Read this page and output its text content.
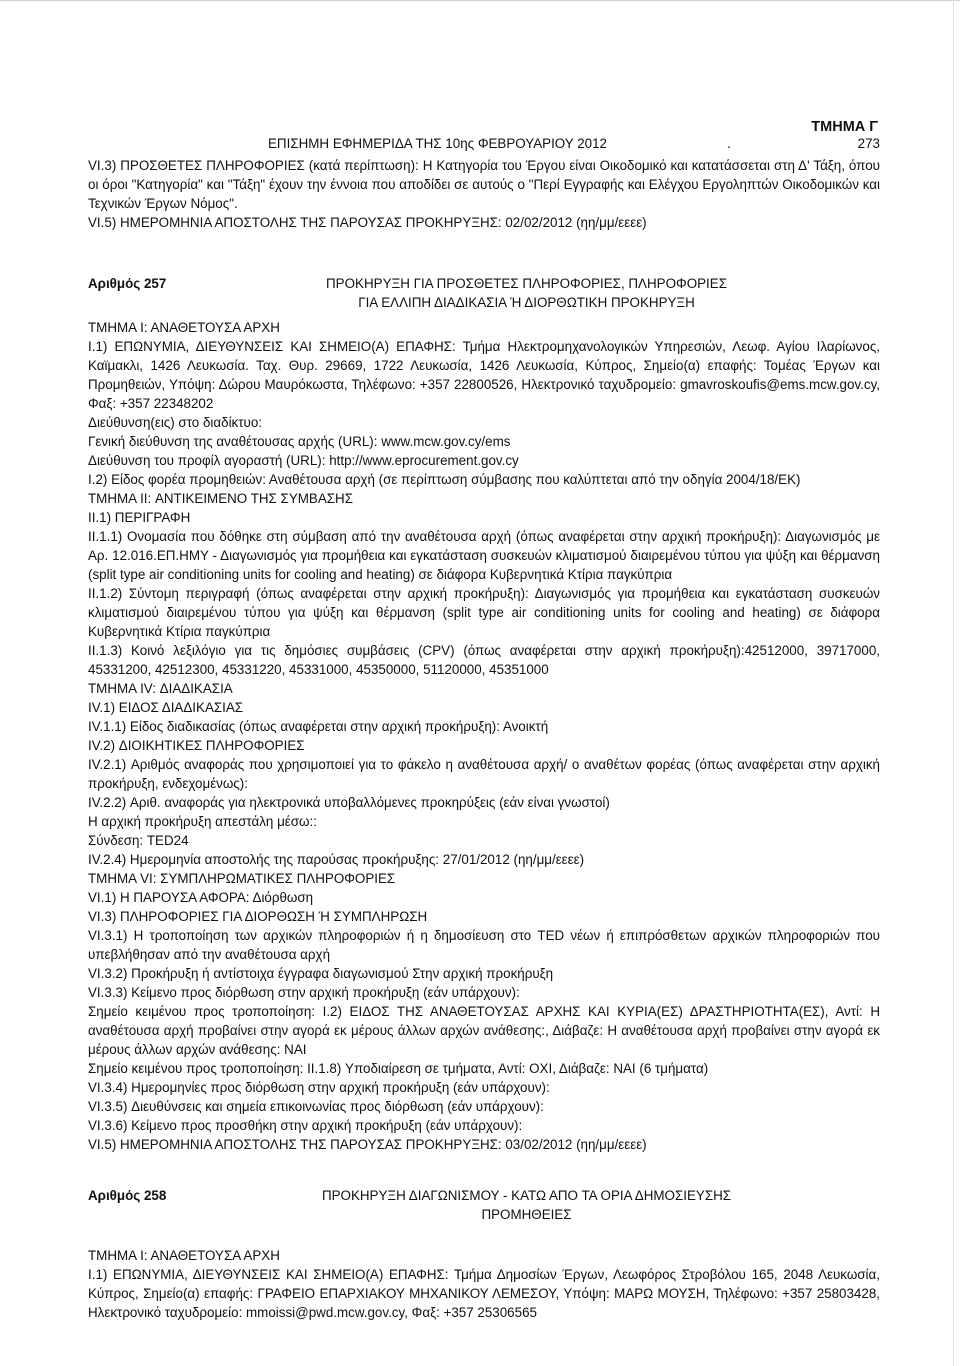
ΤΜΗΜΑ Γ
ΕΠΙΣΗΜΗ ΕΦΗΜΕΡΙΔΑ ΤΗΣ 10ης ΦΕΒΡΟΥΑΡΙΟΥ 2012	.	273

VI.3) ΠΡΟΣΘΕΤΕΣ ΠΛΗΡΟΦΟΡΙΕΣ (κατά περίπτωση): Η Κατηγορία του Έργου είναι Οικοδομικό και κατατάσσεται στη Δ' Τάξη, όπου οι όροι "Κατηγορία" και "Τάξη" έχουν την έννοια που αποδίδει σε αυτούς ο "Περί Εγγραφής και Ελέγχου Εργοληπτών Οικοδομικών και Τεχνικών Έργων Νόμος".

VI.5) ΗΜΕΡΟΜΗΝΙΑ ΑΠΟΣΤΟΛΗΣ ΤΗΣ ΠΑΡΟΥΣΑΣ ΠΡΟΚΗΡΥΞΗΣ: 02/02/2012 (ηη/μμ/εεεε)

Αριθμός 257	ΠΡΟΚΗΡΥΞΗ ΓΙΑ ΠΡΟΣΘΕΤΕΣ ΠΛΗΡΟΦΟΡΙΕΣ, ΠΛΗΡΟΦΟΡΙΕΣ
ΓΙΑ ΕΛΛΙΠΗ ΔΙΑΔΙΚΑΣΙΑ Ή ΔΙΟΡΘΩΤΙΚΗ ΠΡΟΚΗΡΥΞΗ

ΤΜΗΜΑ Ι: ΑΝΑΘΕΤΟΥΣΑ ΑΡΧΗ

I.1) ΕΠΩΝΥΜΙΑ, ΔΙΕΥΘΥΝΣΕΙΣ ΚΑΙ ΣΗΜΕΙΟ(Α) ΕΠΑΦΗΣ: Τμήμα Ηλεκτρομηχανολογικών Υπηρεσιών, Λεωφ. Αγίου Ιλαρίωνος, Καϊμακλι, 1426 Λευκωσία. Ταχ. Θυρ. 29669, 1722 Λευκωσία, 1426 Λευκωσία, Κύπρος, Σημείο(α) επαφής: Τομέας Έργων και Προμηθειών, Υπόψη: Δώρου Μαυρόκωστα, Τηλέφωνο: +357 22800526, Ηλεκτρονικό ταχυδρομείο: gmavroskoufis@ems.mcw.gov.cy, Φαξ: +357 22348202

Διεύθυνση(εις) στο διαδίκτυο:

Γενική διεύθυνση της αναθέτουσας αρχής (URL): www.mcw.gov.cy/ems

Διεύθυνση του προφίλ αγοραστή (URL): http://www.eprocurement.gov.cy

I.2) Είδος φορέα προμηθειών: Αναθέτουσα αρχή (σε περίπτωση σύμβασης που καλύπτεται από την οδηγία 2004/18/ΕΚ)

ΤΜΗΜΑ II: ΑΝΤΙΚΕΙΜΕΝΟ ΤΗΣ ΣΥΜΒΑΣΗΣ

II.1) ΠΕΡΙΓΡΑΦΗ

II.1.1) Ονομασία που δόθηκε στη σύμβαση από την αναθέτουσα αρχή (όπως αναφέρεται στην αρχική προκήρυξη): Διαγωνισμός με Αρ. 12.016.ΕΠ.ΗΜΥ - Διαγωνισμός για προμήθεια και εγκατάσταση συσκευών κλιματισμού διαιρεμένου τύπου για ψύξη και θέρμανση (split type air conditioning units for cooling and heating) σε διάφορα Κυβερνητικά Κτίρια παγκύπρια

II.1.2) Σύντομη περιγραφή (όπως αναφέρεται στην αρχική προκήρυξη): Διαγωνισμός για προμήθεια και εγκατάσταση συσκευών κλιματισμού διαιρεμένου τύπου για ψύξη και θέρμανση (split type air conditioning units for cooling and heating) σε διάφορα Κυβερνητικά Κτίρια παγκύπρια

II.1.3) Κοινό λεξιλόγιο για τις δημόσιες συμβάσεις (CPV) (όπως αναφέρεται στην αρχική προκήρυξη):42512000, 39717000, 45331200, 42512300, 45331220, 45331000, 45350000, 51120000, 45351000

ΤΜΗΜΑ IV: ΔΙΑΔΙΚΑΣΙΑ

IV.1) ΕΙΔΟΣ ΔΙΑΔΙΚΑΣΙΑΣ

IV.1.1) Είδος διαδικασίας (όπως αναφέρεται στην αρχική προκήρυξη): Ανοικτή

IV.2) ΔΙΟΙΚΗΤΙΚΕΣ ΠΛΗΡΟΦΟΡΙΕΣ

IV.2.1) Αριθμός αναφοράς που χρησιμοποιεί για το φάκελο η αναθέτουσα αρχή/ ο αναθέτων φορέας (όπως αναφέρεται στην αρχική προκήρυξη, ενδεχομένως):

IV.2.2) Αριθ. αναφοράς για ηλεκτρονικά υποβαλλόμενες προκηρύξεις (εάν είναι γνωστοί)

Η αρχική προκήρυξη απεστάλη μέσω::

Σύνδεση: TED24

IV.2.4) Ημερομηνία αποστολής της παρούσας προκήρυξης: 27/01/2012 (ηη/μμ/εεεε)

ΤΜΗΜΑ VI: ΣΥΜΠΛΗΡΩΜΑΤΙΚΕΣ ΠΛΗΡΟΦΟΡΙΕΣ

VI.1) Η ΠΑΡΟΥΣΑ ΑΦΟΡΑ: Διόρθωση

VI.3) ΠΛΗΡΟΦΟΡΙΕΣ ΓΙΑ ΔΙΟΡΘΩΣΗ Ή ΣΥΜΠΛΗΡΩΣΗ

VI.3.1) Η τροποποίηση των αρχικών πληροφοριών ή η δημοσίευση στο TED νέων ή επιπρόσθετων αρχικών πληροφοριών που υπεβλήθησαν από την αναθέτουσα αρχή

VI.3.2) Προκήρυξη ή αντίστοιχα έγγραφα διαγωνισμού Στην αρχική προκήρυξη

VI.3.3) Κείμενο προς διόρθωση στην αρχική προκήρυξη (εάν υπάρχουν):

Σημείο κειμένου προς τροποποίηση: I.2) ΕΙΔΟΣ ΤΗΣ ΑΝΑΘΕΤΟΥΣΑΣ ΑΡΧΗΣ ΚΑΙ ΚΥΡΙΑ(ΕΣ) ΔΡΑΣΤΗΡΙΟΤΗΤΑ(ΕΣ), Αντί: Η αναθέτουσα αρχή προβαίνει στην αγορά εκ μέρους άλλων αρχών ανάθεσης:, Διάβαζε: Η αναθέτουσα αρχή προβαίνει στην αγορά εκ μέρους άλλων αρχών ανάθεσης: ΝΑΙ

Σημείο κειμένου προς τροποποίηση: II.1.8) Υποδιαίρεση σε τμήματα, Αντί: ΟΧΙ, Διάβαζε: ΝΑΙ (6 τμήματα)

VI.3.4) Ημερομηνίες προς διόρθωση στην αρχική προκήρυξη (εάν υπάρχουν):

VI.3.5) Διευθύνσεις και σημεία επικοινωνίας προς διόρθωση (εάν υπάρχουν):

VI.3.6) Κείμενο προς προσθήκη στην αρχική προκήρυξη (εάν υπάρχουν):

VI.5) ΗΜΕΡΟΜΗΝΙΑ ΑΠΟΣΤΟΛΗΣ ΤΗΣ ΠΑΡΟΥΣΑΣ ΠΡΟΚΗΡΥΞΗΣ: 03/02/2012 (ηη/μμ/εεεε)

Αριθμός 258	ΠΡΟΚΗΡΥΞΗ ΔΙΑΓΩΝΙΣΜΟΥ - ΚΑΤΩ ΑΠΟ ΤΑ ΟΡΙΑ ΔΗΜΟΣΙΕΥΣΗΣ
ΠΡΟΜΗΘΕΙΕΣ

ΤΜΗΜΑ Ι: ΑΝΑΘΕΤΟΥΣΑ ΑΡΧΗ

I.1) ΕΠΩΝΥΜΙΑ, ΔΙΕΥΘΥΝΣΕΙΣ ΚΑΙ ΣΗΜΕΙΟ(Α) ΕΠΑΦΗΣ: Τμήμα Δημοσίων Έργων, Λεωφόρος Στροβόλου 165, 2048 Λευκωσία, Κύπρος, Σημείο(α) επαφής: ΓΡΑΦΕΙΟ ΕΠΑΡΧΙΑΚΟΥ ΜΗΧΑΝΙΚΟΥ ΛΕΜΕΣΟΥ, Υπόψη: ΜΑΡΩ ΜΟΥΣΗ, Τηλέφωνο: +357 25803428, Ηλεκτρονικό ταχυδρομείο: mmoissi@pwd.mcw.gov.cy, Φαξ: +357 25306565
